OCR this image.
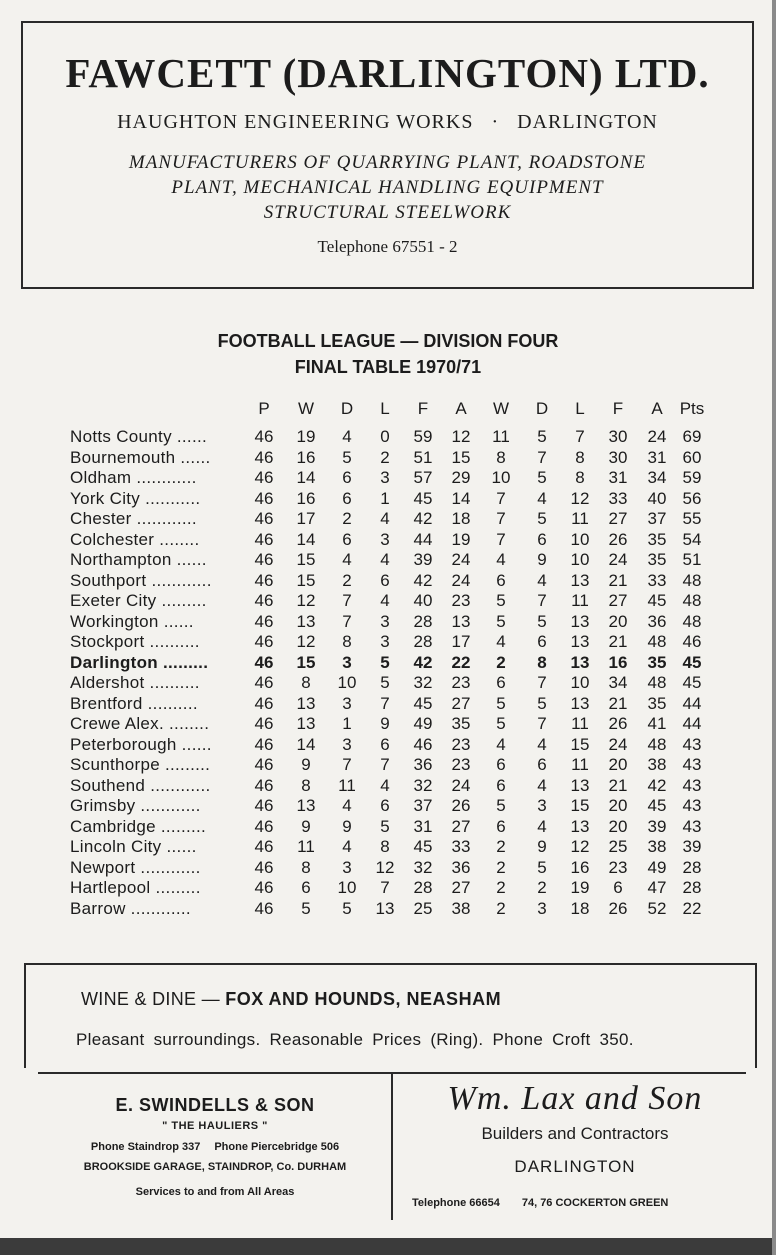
FAWCETT (DARLINGTON) LTD.
HAUGHTON ENGINEERING WORKS · DARLINGTON
MANUFACTURERS OF QUARRYING PLANT, ROADSTONE
PLANT, MECHANICAL HANDLING EQUIPMENT
STRUCTURAL STEELWORK
Telephone 67551 - 2
FOOTBALL LEAGUE — DIVISION FOUR
FINAL TABLE 1970/71
P	W	D	L	F	A	W	D	L	F	A	Pts
Notts County ......	46	19	4	0	59	12	11	5	7	30	24 69
Bournemouth ......	46	16	5	2	51	15	8	7	8	30	31 60
Oldham ............	46	14	6	3	57	29	10	5	8	31	34 59
York City ...........	46	16	6	1	45	14	7	4	12	33	40 56
Chester ............	46	17	2	4	42	18	7	5	11	27	37 55
Colchester ........	46	14	6	3	44	19	7	6	10	26	35 54
Northampton ......	46	15	4	4	39	24	4	9	10	24	35 51
Southport ............	46	15	2	6	42	24	6	4	13	21	33 48
Exeter City .........	46	12	7	4	40	23	5	7	11	27	45 48
Workington ......	46	13	7	3	28	13	5	5	13	20	36 48
Stockport ..........	46	12	8	3	28	17	4	6	13	21	48 46
Darlington .........	46	15	3	5	42	22	2	8	13	16	35 45
Aldershot ..........	46	8	10	5	32	23	6	7	10	34	48 45
Brentford ..........	46	13	3	7	45	27	5	5	13	21	35 44
Crewe Alex. ........	46	13	1	9	49	35	5	7	11	26	41 44
Peterborough ......	46	14	3	6	46	23	4	4	15	24	48 43
Scunthorpe .........	46	9	7	7	36	23	6	6	11	20	38 43
Southend ............	46	8	11	4	32	24	6	4	13	21	42 43
Grimsby ............	46	13	4	6	37	26	5	3	15	20	45 43
Cambridge .........	46	9	9	5	31	27	6	4	13	20	39 43
Lincoln City ......	46	11	4	8	45	33	2	9	12	25	38 39
Newport ............	46	8	3	12	32	36	2	5	16	23	49 28
Hartlepool .........	46	6	10	7	28	27	2	2	19	6	47 28
Barrow ............	46	5	5	13	25	38	2	3	18	26	52 22
WINE & DINE — FOX AND HOUNDS, NEASHAM
Pleasant surroundings. Reasonable Prices (Ring). Phone Croft 350.
E. SWINDELLS & SON
" THE HAULIERS "
Phone Staindrop 337 Phone Piercebridge 506
BROOKSIDE GARAGE, STAINDROP, Co. DURHAM
Services to and from All Areas
Wm. Lax and Son
Builders and Contractors
DARLINGTON
Telephone 66654 74, 76 COCKERTON GREEN
